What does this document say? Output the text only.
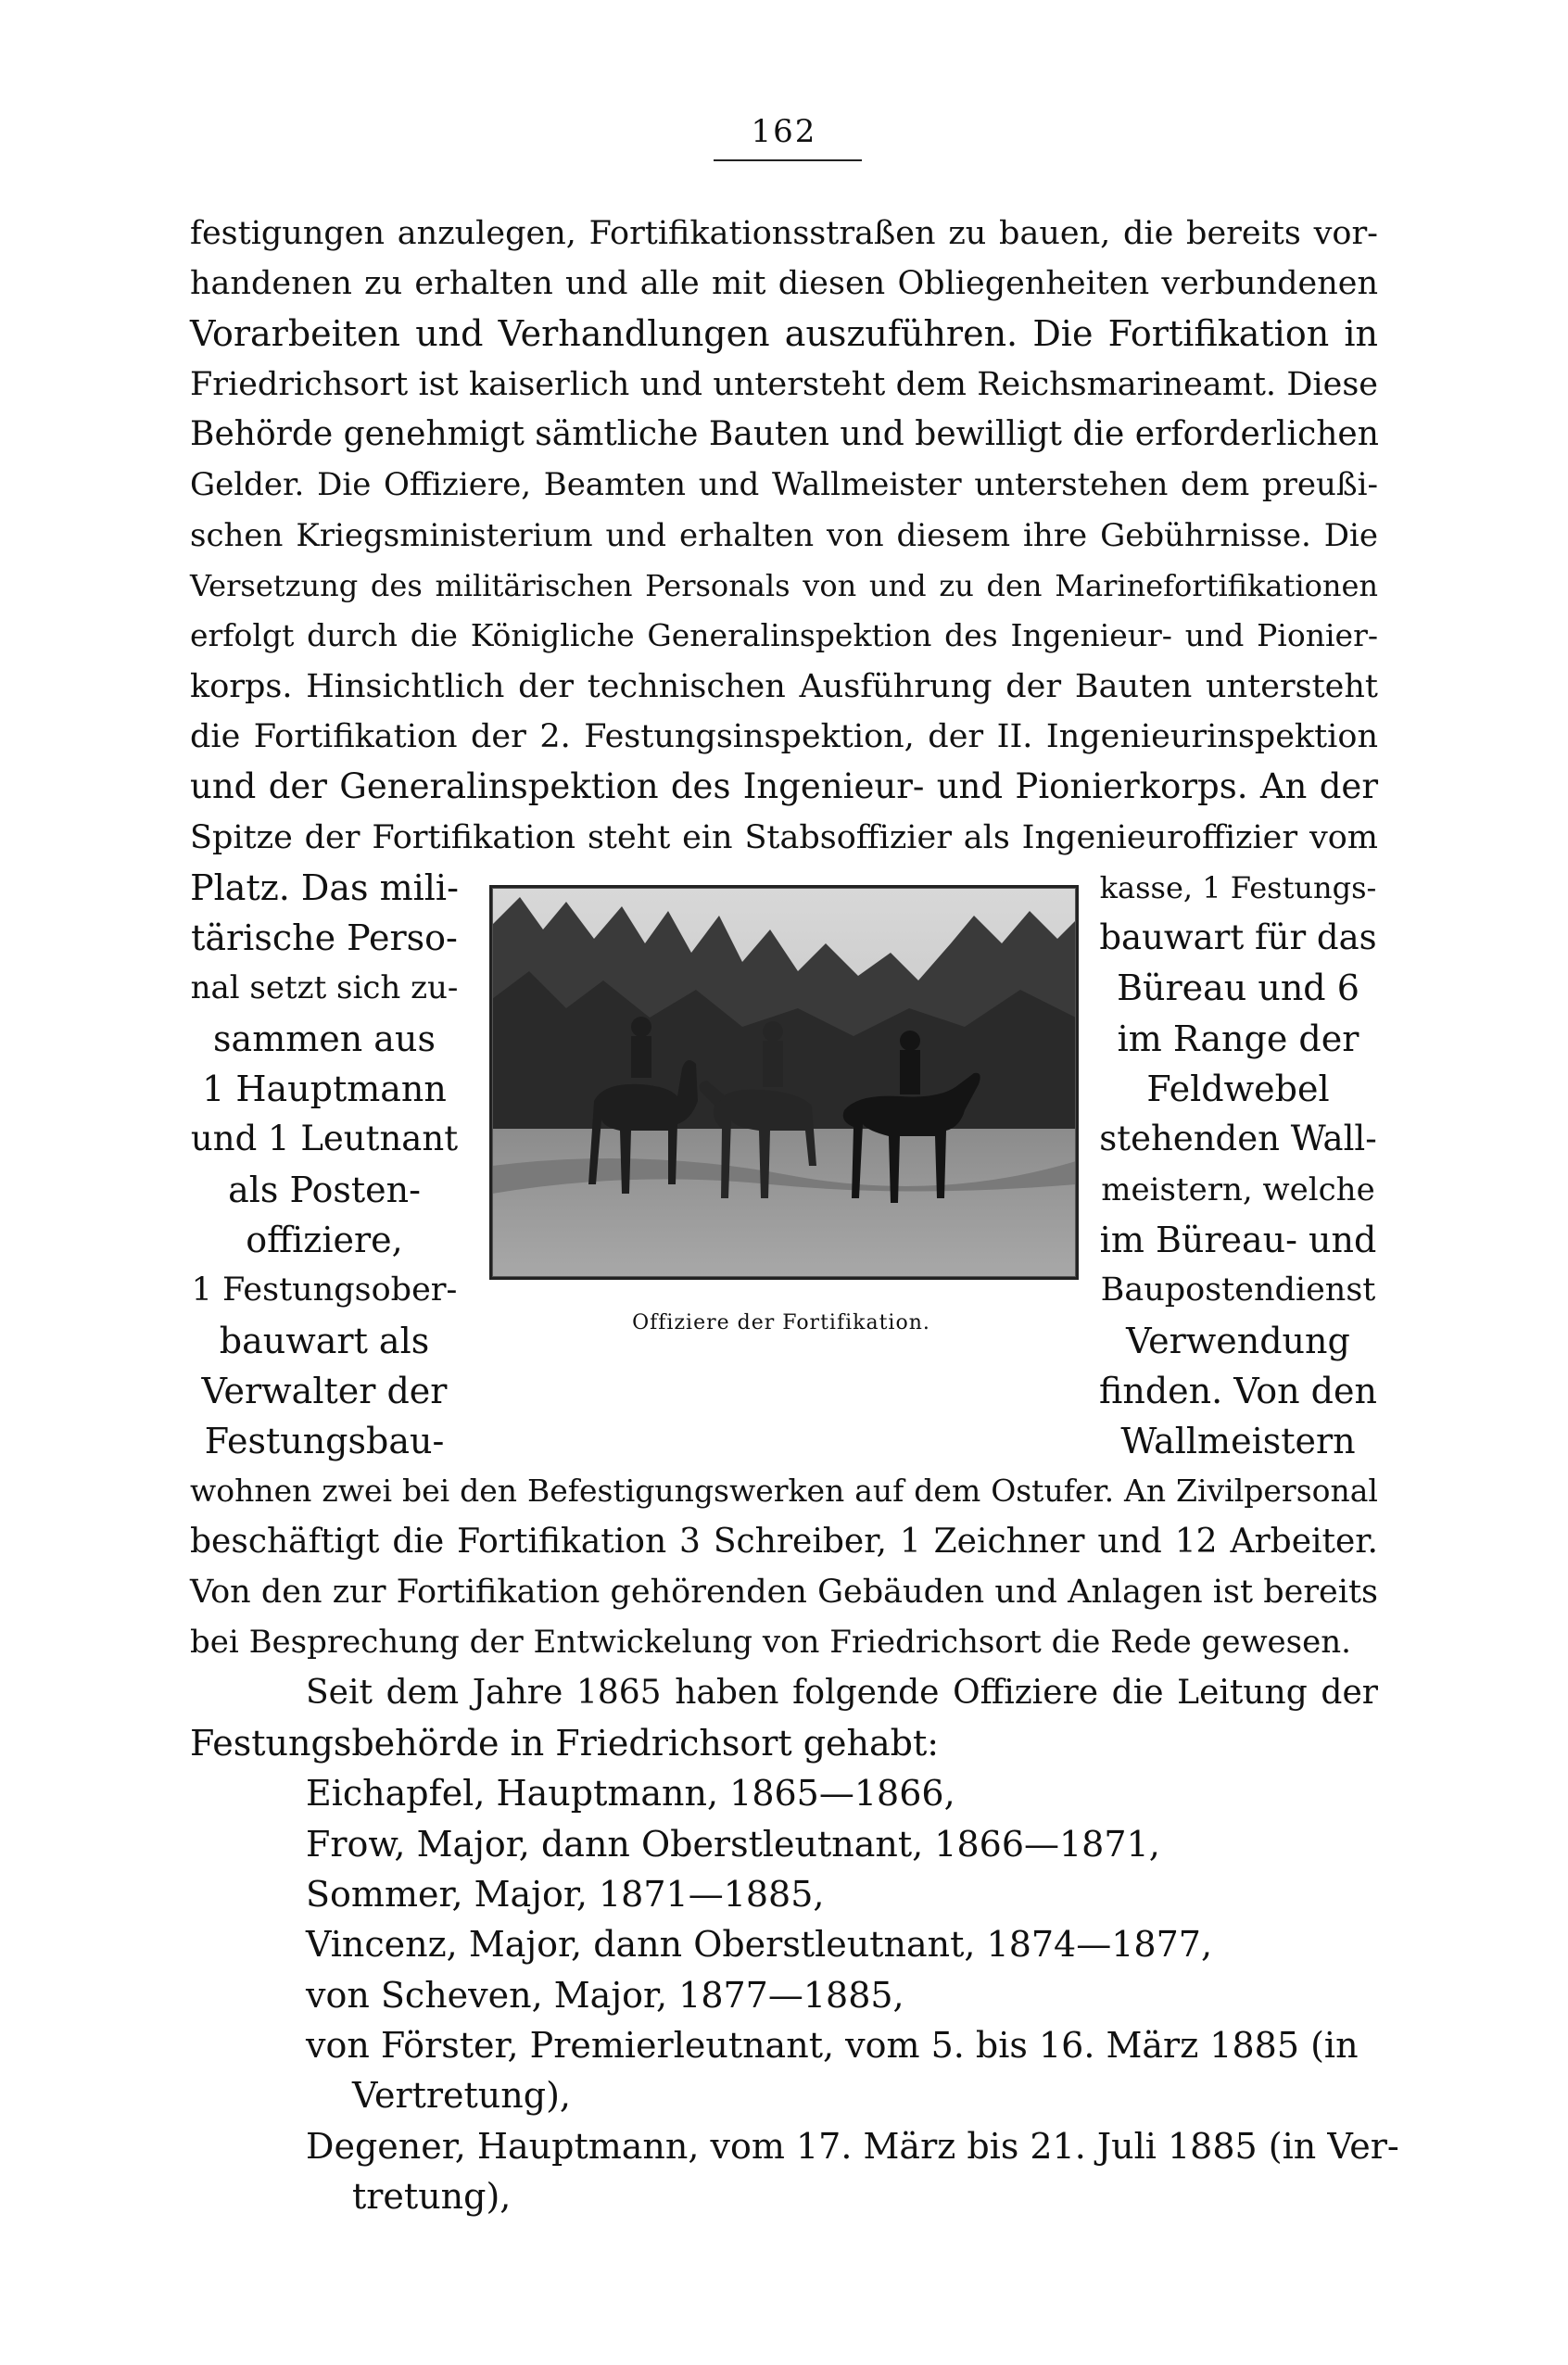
162
festigungen anzulegen, Fortifikationsstraßen zu bauen, die bereits vor-
handenen zu erhalten und alle mit diesen Obliegenheiten verbundenen
Vorarbeiten und Verhandlungen auszuführen. Die Fortifikation in
Friedrichsort ist kaiserlich und untersteht dem Reichsmarineamt. Diese
Behörde genehmigt sämtliche Bauten und bewilligt die erforderlichen
Gelder. Die Offiziere, Beamten und Wallmeister unterstehen dem preußi-
schen Kriegsministerium und erhalten von diesem ihre Gebührnisse. Die
Versetzung des militärischen Personals von und zu den Marinefortifikationen
erfolgt durch die Königliche Generalinspektion des Ingenieur- und Pionier-
korps. Hinsichtlich der technischen Ausführung der Bauten untersteht
die Fortifikation der 2. Festungsinspektion, der II. Ingenieurinspektion
und der Generalinspektion des Ingenieur- und Pionierkorps. An der
Spitze der Fortifikation steht ein Stabsoffizier als Ingenieuroffizier vom
Platz. Das mili-
tärische Perso-
nal setzt sich zu-
sammen aus
1 Hauptmann
und 1 Leutnant
als Posten-
offiziere,
1 Festungsober-
bauwart als
Verwalter der
Festungsbau-
kasse, 1 Festungs-
bauwart für das
Büreau und 6
im Range der
Feldwebel
stehenden Wall-
meistern, welche
im Büreau- und
Baupostendienst
Verwendung
finden. Von den
Wallmeistern
Offiziere der Fortifikation.
wohnen zwei bei den Befestigungswerken auf dem Ostufer. An Zivilpersonal
beschäftigt die Fortifikation 3 Schreiber, 1 Zeichner und 12 Arbeiter.
Von den zur Fortifikation gehörenden Gebäuden und Anlagen ist bereits
bei Besprechung der Entwickelung von Friedrichsort die Rede gewesen.
Seit dem Jahre 1865 haben folgende Offiziere die Leitung der
Festungsbehörde in Friedrichsort gehabt:
Eichapfel, Hauptmann, 1865—1866,
Frow, Major, dann Oberstleutnant, 1866—1871,
Sommer, Major, 1871—1885,
Vincenz, Major, dann Oberstleutnant, 1874—1877,
von Scheven, Major, 1877—1885,
von Förster, Premierleutnant, vom 5. bis 16. März 1885 (in
Vertretung),
Degener, Hauptmann, vom 17. März bis 21. Juli 1885 (in Ver-
tretung),
